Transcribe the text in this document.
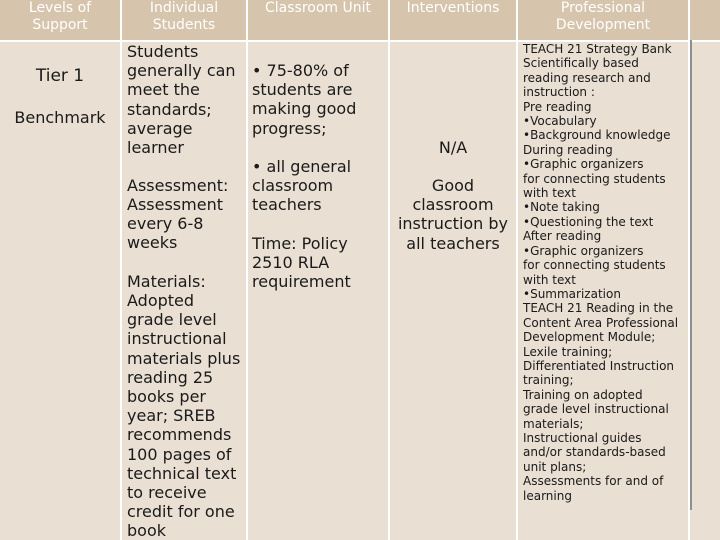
Levels of
Support
Tier 1
Benchmark
Individual
Students
Students
generally can
meet the
standards;
average
learner
Assessment:
Assessment
every 6-8
weeks
Materials:
Adopted
grade level
instructional
materials plus
reading 25
books per
year; SREB
recommends
100 pages of
technical text
to receive
credit for one
book
Classroom Unit
• 75-80% of
students are
making good
progress;
• all general
classroom
teachers
Time: Policy
2510 RLA
requirement
Interventions
N/A
Good
classroom
instruction by
all teachers
Professional
Development
TEACH 21 Strategy Bank
Scientifically based
reading research and
instruction :
Pre reading
•Vocabulary
•Background knowledge
During reading
•Graphic organizers
for connecting students
with text
•Note taking
•Questioning the text
After reading
•Graphic organizers
for connecting students
with text
•Summarization
TEACH 21 Reading in the
Content Area Professional
Development Module;
Lexile training;
Differentiated Instruction
training;
Training on adopted
grade level instructional
materials;
Instructional guides
and/or standards-based
unit plans;
Assessments for and of
learning
